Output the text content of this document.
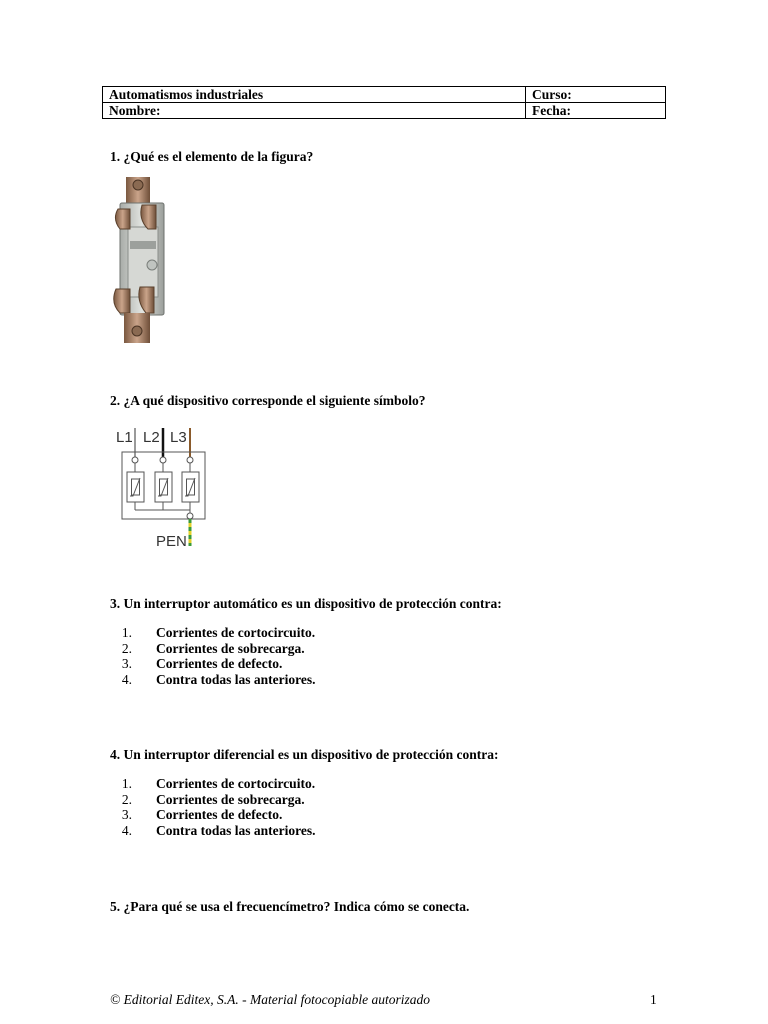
Automatismos industriales	Curso:
Nombre:	Fecha:
1. ¿Qué es el elemento de la figura?
2. ¿A qué dispositivo corresponde el siguiente símbolo?
L1 L2 L3
PEN
3. Un interruptor automático es un dispositivo de protección contra:
1. Corrientes de cortocircuito.
2. Corrientes de sobrecarga.
3. Corrientes de defecto.
4. Contra todas las anteriores.
4. Un interruptor diferencial es un dispositivo de protección contra:
1. Corrientes de cortocircuito.
2. Corrientes de sobrecarga.
3. Corrientes de defecto.
4. Contra todas las anteriores.
5. ¿Para qué se usa el frecuencímetro? Indica cómo se conecta.
© Editorial Editex, S.A. - Material fotocopiable autorizado	1
